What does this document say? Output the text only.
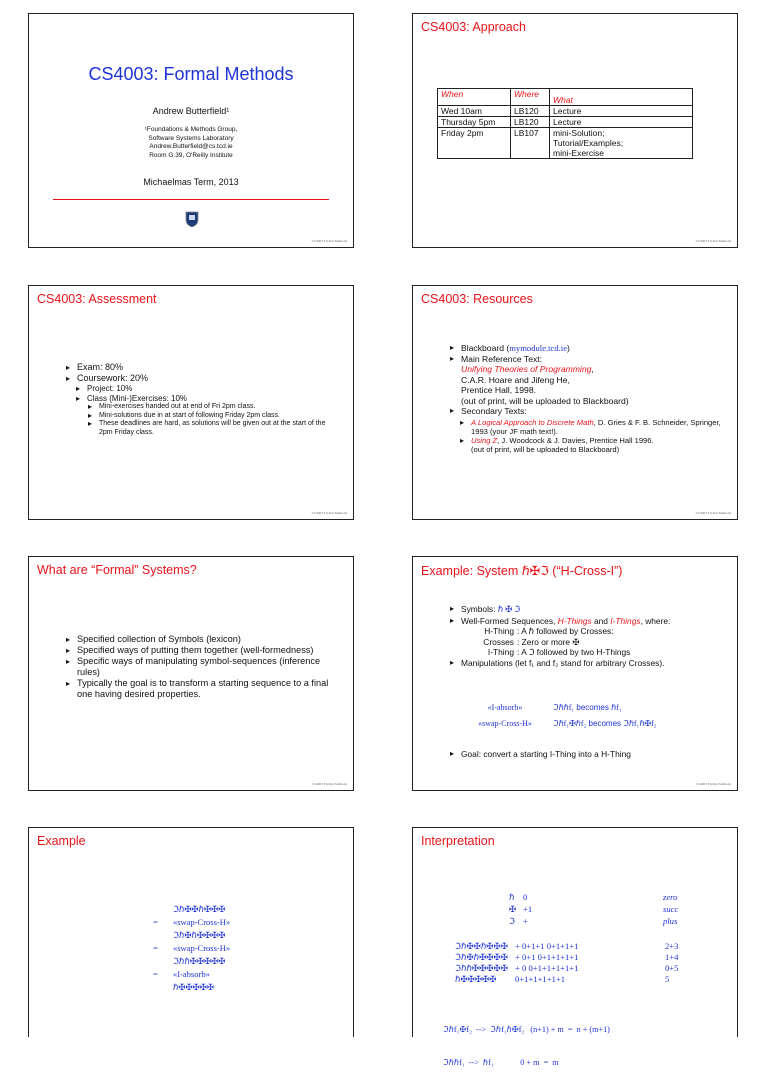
CS4003: Formal Methods
Andrew Butterfield¹
¹Foundations & Methods Group,
Software Systems Laboratory
Andrew.Butterfield@cs.tcd.ie
Room G.39, O'Reilly Institute
Michaelmas Term, 2013
CS4003 Formal Methods
CS4003: Approach
When	Where	What
Wed 10am	LB120	Lecture
Thursday 5pm	LB120	Lecture
Friday 2pm	LB107	mini-Solution;
Tutorial/Examples;
mini-Exercise
CS4003 Formal Methods
CS4003: Assessment
▸ Exam: 80%
▸ Coursework: 20%
▸ Project: 10%
▸ Class (Mini-)Exercises: 10%
▸ Mini-exercises handed out at end of Fri 2pm class.
▸ Mini-solutions due in at start of following Friday 2pm class.
▸ These deadlines are hard, as solutions will be given out at the start of the 2pm Friday class.
CS4003 Formal Methods
CS4003: Resources
▸ Blackboard (mymodule.tcd.ie)
▸ Main Reference Text:
Unifying Theories of Programming,
C.A.R. Hoare and Jifeng He,
Prentice Hall, 1998.
(out of print, will be uploaded to Blackboard)
▸ Secondary Texts:
▸ A Logical Approach to Discrete Math, D. Gries & F. B. Schneider, Springer, 1993 (your JF math text!).
▸ Using Z, J. Woodcock & J. Davies, Prentice Hall 1996.
(out of print, will be uploaded to Blackboard)
CS4003 Formal Methods
What are “Formal” Systems?
▸ Specified collection of Symbols (lexicon)
▸ Specified ways of putting them together (well-formedness)
▸ Specific ways of manipulating symbol-sequences (inference rules)
▸ Typically the goal is to transform a starting sequence to a final one having desired properties.
CS4003 Formal Methods
Example: System ℏ✠ℑ (“H-Cross-I”)
▸ Symbols: ℏ ✠ ℑ
▸ Well-Formed Sequences, H-Things and I-Things, where:
H-Thing : A ℏ followed by Crosses:
Crosses : Zero or more ✠
I-Thing : A ℑ followed by two H-Things
▸ Manipulations (let f₁ and f₂ stand for arbitrary Crosses).
«I-absorb»	ℑℏℏf₁ becomes ℏf₁
«swap-Cross-H»	ℑℏf₁✠ℏf₂ becomes ℑℏf₁ℏ✠f₂
▸ Goal: convert a starting I-Thing into a H-Thing
CS4003 Formal Methods
Example
ℑℏ✠✠ℏ✠✠✠
= «swap-Cross-H»
ℑℏ✠ℏ✠✠✠✠
= «swap-Cross-H»
ℑℏℏ✠✠✠✠✠
= «I-absorb»
ℏ✠✠✠✠✠
Interpretation
ℏ 0	zero
✠ +1	succ
ℑ +	plus
ℑℏ✠✠ℏ✠✠✠ + 0+1+1 0+1+1+1	2+3
ℑℏ✠ℏ✠✠✠✠ + 0+1 0+1+1+1+1	1+4
ℑℏℏ✠✠✠✠✠ + 0 0+1+1+1+1+1	0+5
ℏ✠✠✠✠✠	0+1+1+1+1+1	5

ℑℏf₁✠f₂  -->  ℑℏf₁ℏ✠f₂   (n+1) + m  =  n + (m+1)

ℑℏℏf₁  -->  ℏf₁             0 + m  =  m
